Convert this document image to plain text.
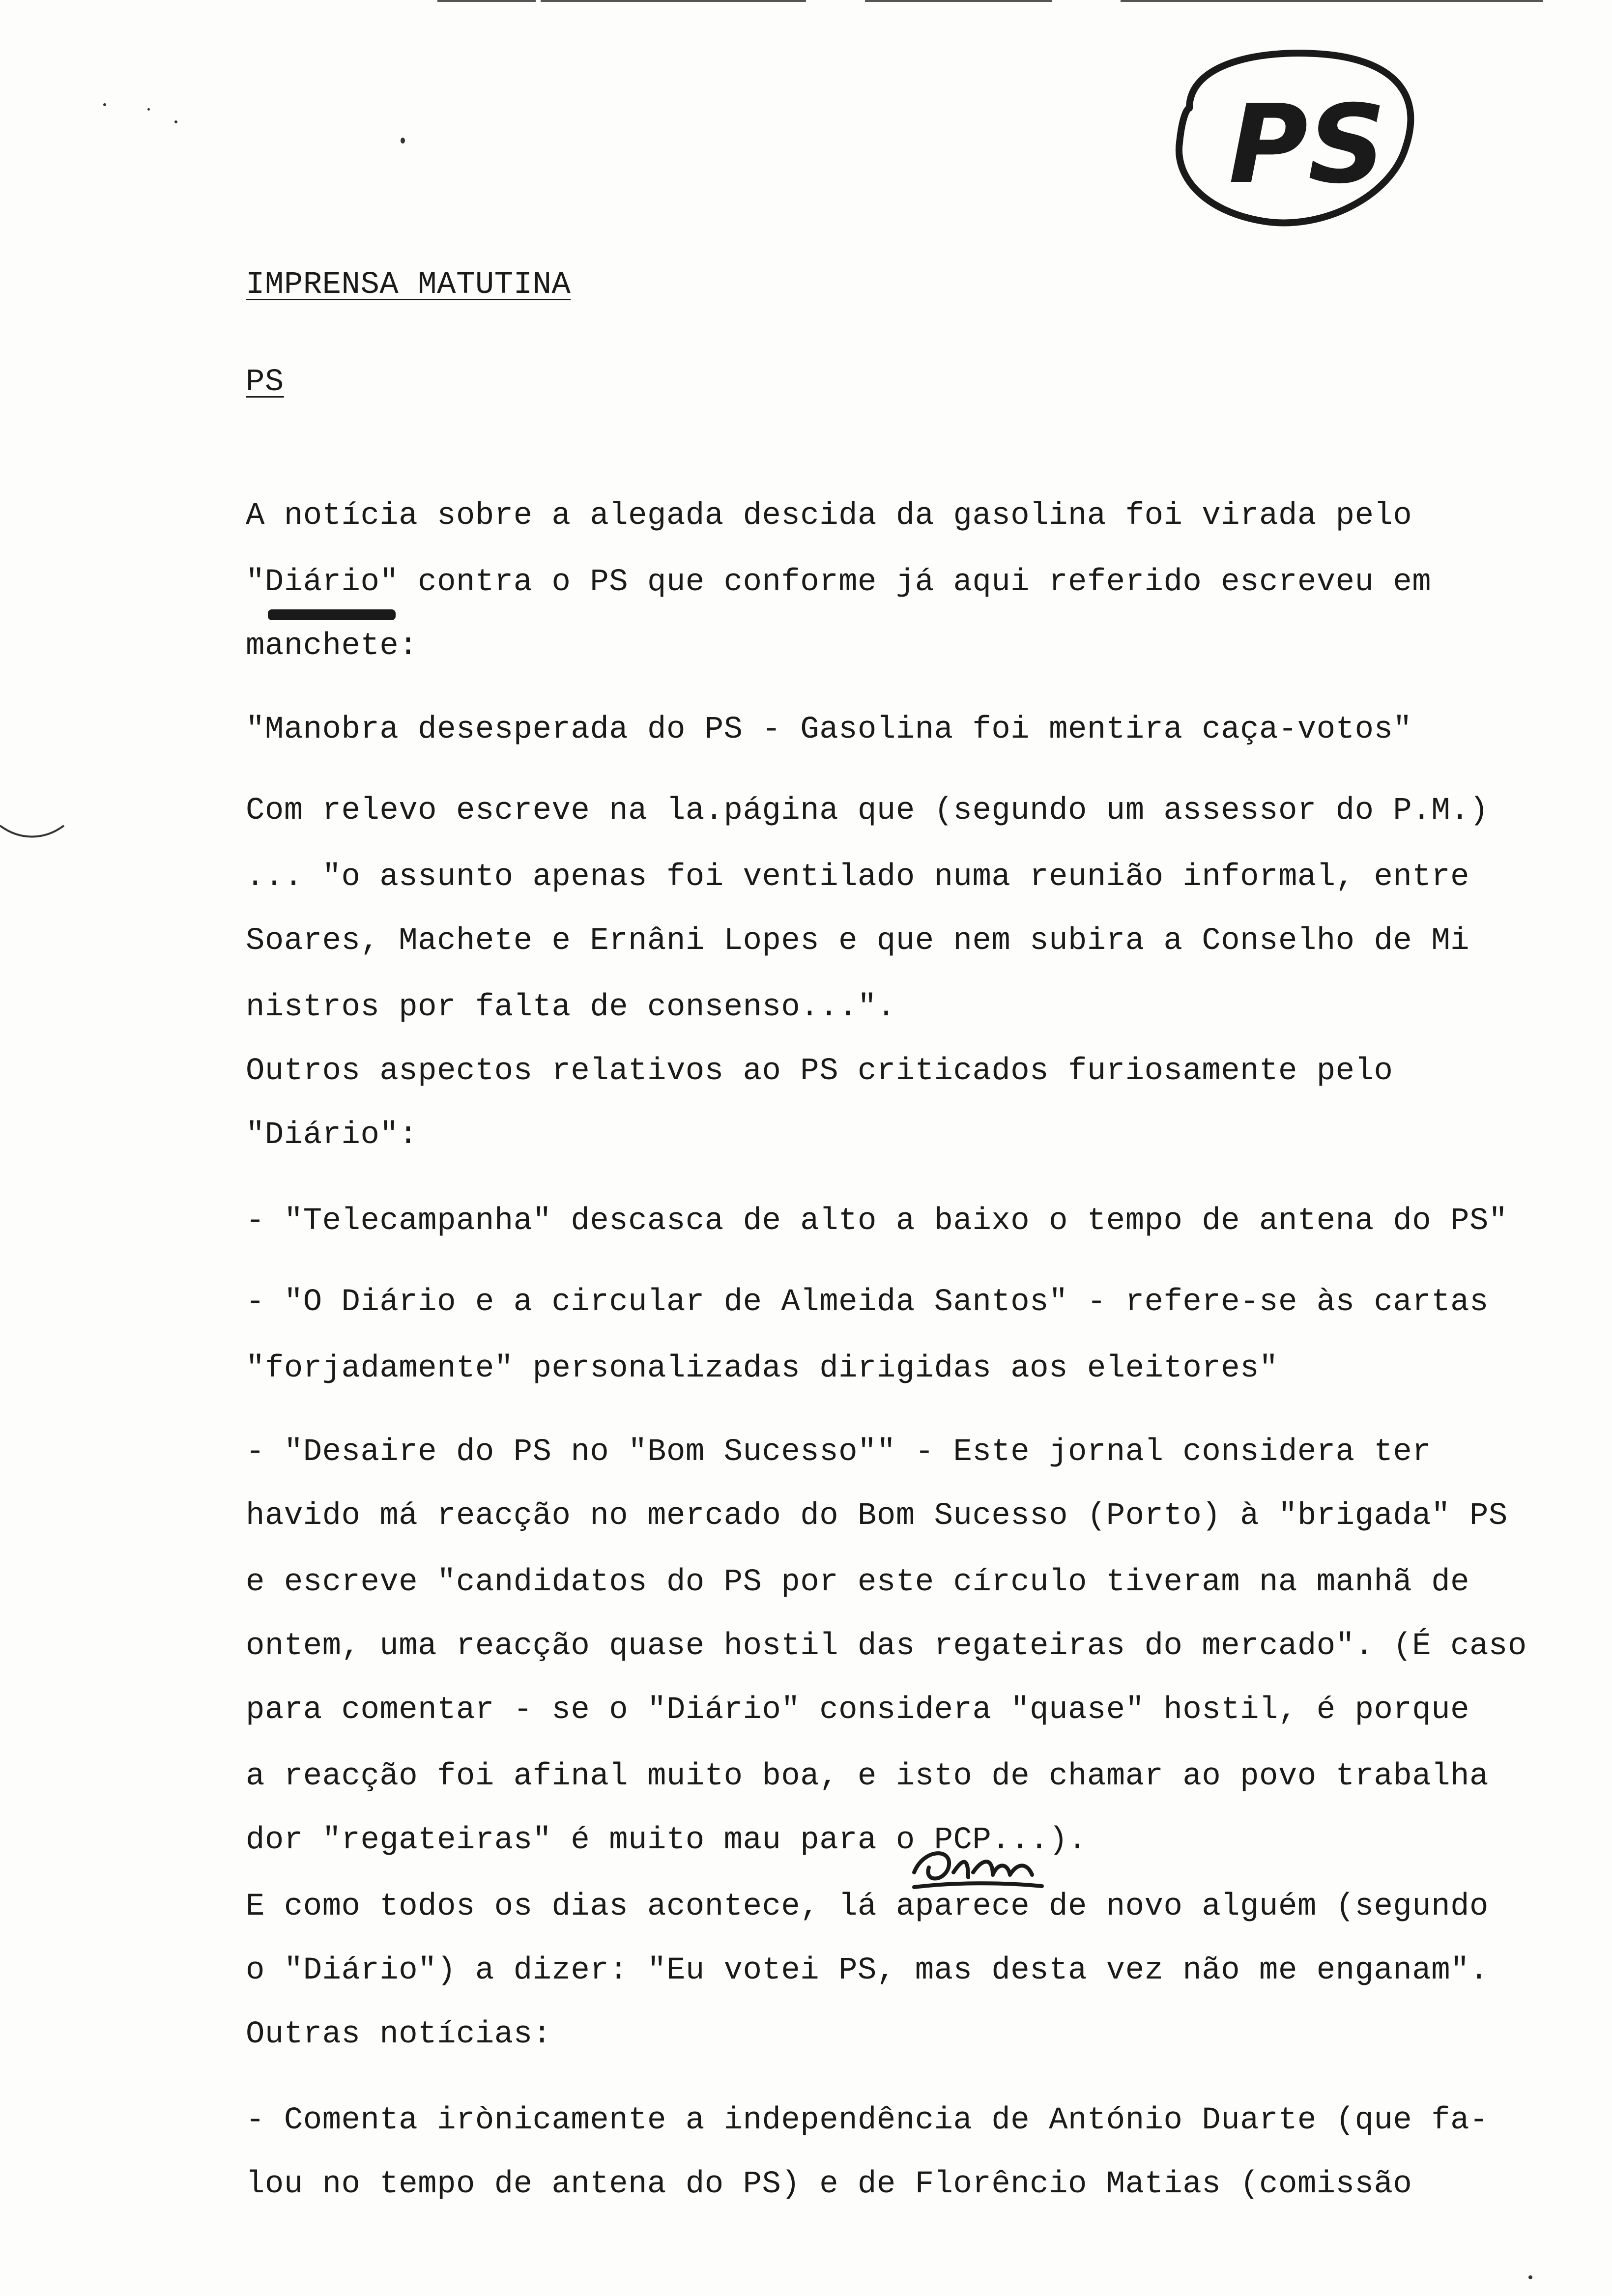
PS
IMPRENSA MATUTINA
PS
A notícia sobre a alegada descida da gasolina foi virada pelo
"Diário" contra o PS que conforme já aqui referido escreveu em
manchete:
"Manobra desesperada do PS - Gasolina foi mentira caça-votos"
Com relevo escreve na la.página que (segundo um assessor do P.M.)
... "o assunto apenas foi ventilado numa reunião informal, entre
Soares, Machete e Ernâni Lopes e que nem subira a Conselho de Mi
nistros por falta de consenso...".
Outros aspectos relativos ao PS criticados furiosamente pelo
"Diário":
- "Telecampanha" descasca de alto a baixo o tempo de antena do PS"
- "O Diário e a circular de Almeida Santos" - refere-se às cartas
"forjadamente" personalizadas dirigidas aos eleitores"
- "Desaire do PS no "Bom Sucesso"" - Este jornal considera ter
havido má reacção no mercado do Bom Sucesso (Porto) à "brigada" PS
e escreve "candidatos do PS por este círculo tiveram na manhã de
ontem, uma reacção quase hostil das regateiras do mercado". (É caso
para comentar - se o "Diário" considera "quase" hostil, é porque
a reacção foi afinal muito boa, e isto de chamar ao povo trabalha
dor "regateiras" é muito mau para o PCP...).
E como todos os dias acontece, lá aparece de novo alguém (segundo
o "Diário") a dizer: "Eu votei PS, mas desta vez não me enganam".
Outras notícias:
- Comenta irònicamente a independência de António Duarte (que fa-
lou no tempo de antena do PS) e de Florêncio Matias (comissão
